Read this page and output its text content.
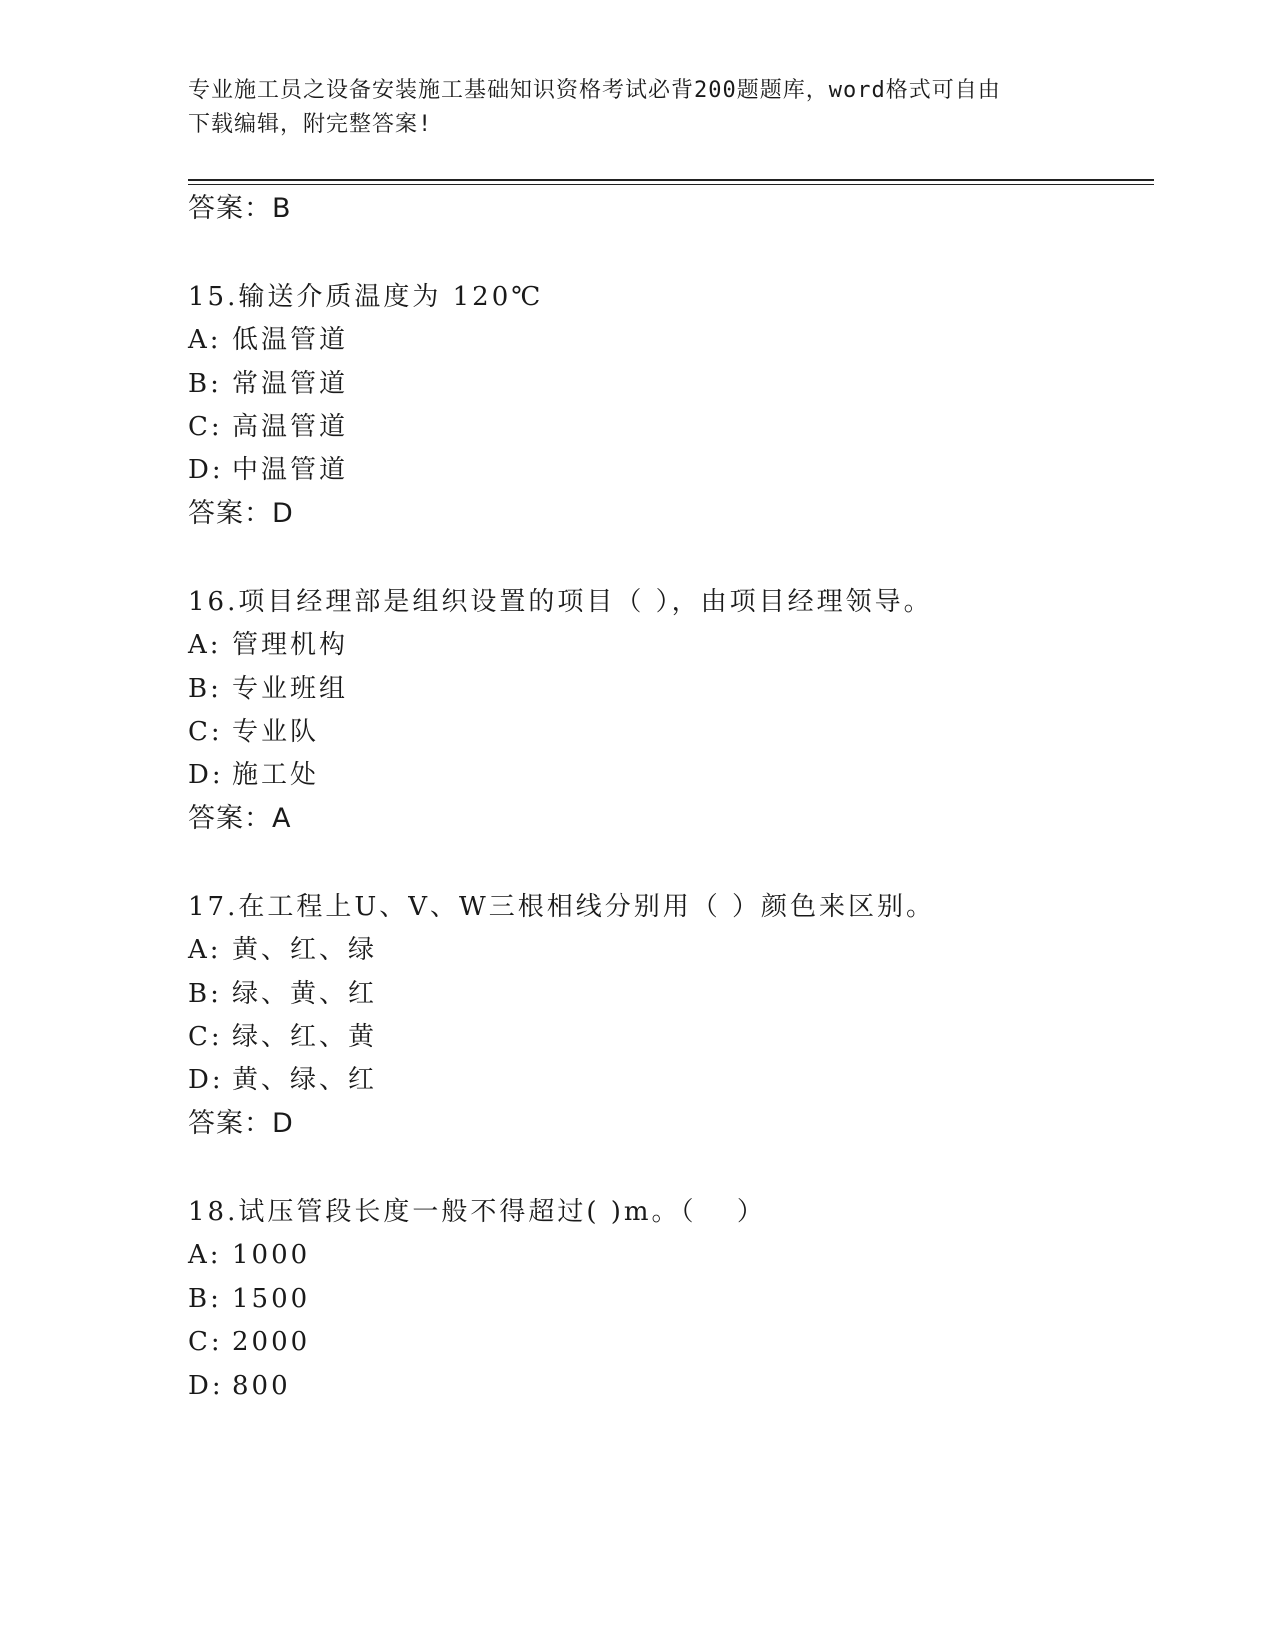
专业施工员之设备安装施工基础知识资格考试必背200题题库，word格式可自由

下载编辑，附完整答案!

答案：B

15.输送介质温度为 120℃

A: 低温管道

B: 常温管道

C: 高温管道

D: 中温管道

答案：D

16.项目经理部是组织设置的项目（ ），由项目经理领导。

A: 管理机构

B: 专业班组

C: 专业队

D: 施工处

答案：A

17.在工程上U、V、W三根相线分别用（ ）颜色来区别。

A: 黄、红、绿

B: 绿、黄、红

C: 绿、红、黄

D: 黄、绿、红

答案：D

18.试压管段长度一般不得超过( )m。（　 ）

A: 1000

B: 1500

C: 2000

D: 800
